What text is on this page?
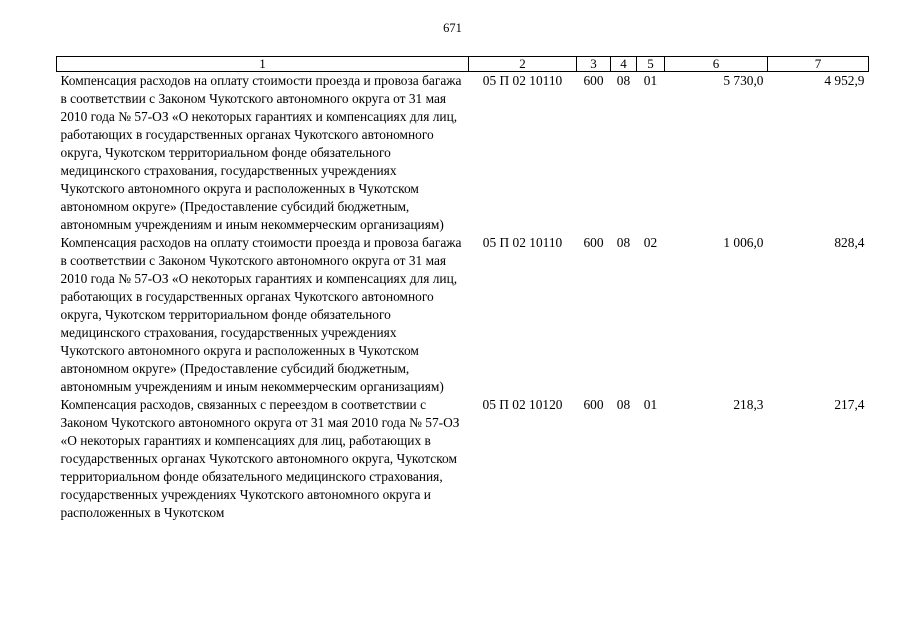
671
1	2	3	4	5	6	7
Компенсация расходов на оплату стоимости проезда и провоза багажа в соответствии с Законом Чукотского автономного округа от 31 мая 2010 года № 57-ОЗ «О некоторых гарантиях и компенсациях для лиц, работающих в государственных органах Чукотского автономного округа, Чукотском территориальном фонде обязательного медицинского страхования, государственных учреждениях Чукотского автономного округа и расположенных в Чукотском автономном округе» (Предоставление субсидий бюджетным, автономным учреждениям и иным некоммерческим организациям)	05 П 02 10110	600	08	01	5 730,0	4 952,9
Компенсация расходов на оплату стоимости проезда и провоза багажа в соответствии с Законом Чукотского автономного округа от 31 мая 2010 года № 57-ОЗ «О некоторых гарантиях и компенсациях для лиц, работающих в государственных органах Чукотского автономного округа, Чукотском территориальном фонде обязательного медицинского страхования, государственных учреждениях Чукотского автономного округа и расположенных в Чукотском автономном округе» (Предоставление субсидий бюджетным, автономным учреждениям и иным некоммерческим организациям)	05 П 02 10110	600	08	02	1 006,0	828,4
Компенсация расходов, связанных с переездом в соответствии с Законом Чукотского автономного округа от 31 мая 2010 года № 57-ОЗ «О некоторых гарантиях и компенсациях для лиц, работающих в государственных органах Чукотского автономного округа, Чукотском территориальном фонде обязательного медицинского страхования, государственных учреждениях Чукотского автономного округа и расположенных в Чукотском	05 П 02 10120	600	08	01	218,3	217,4
